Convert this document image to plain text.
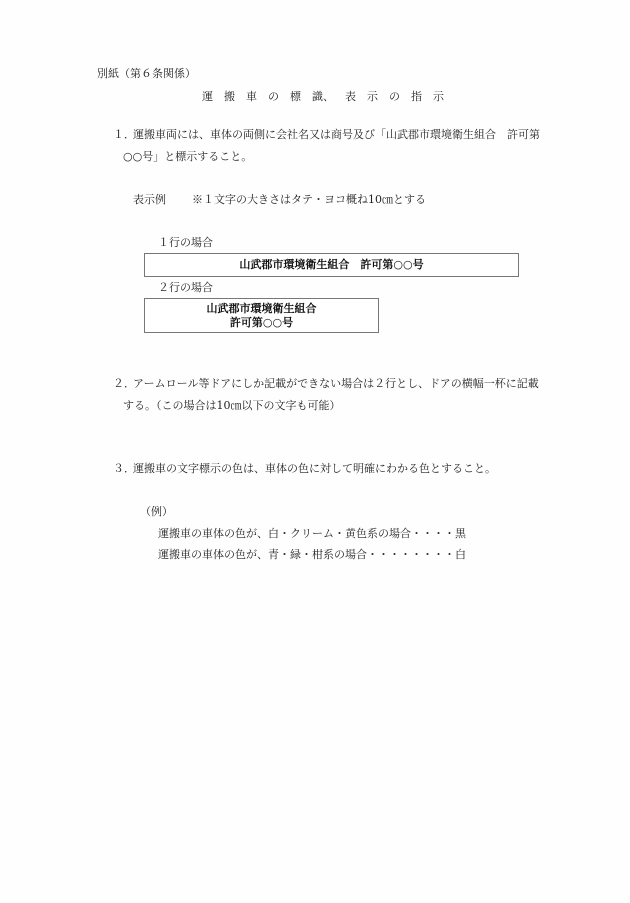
別紙（第６条関係）
運 搬 車 の 標 識、 表 示 の 指 示
１．
運搬車両には、車体の両側に会社名又は商号及び「山武郡市環境衛生組合　許可第
○○号」と標示すること。
表示例 ※１文字の大きさはタテ・ヨコ概ね10㎝とする
１行の場合
山武郡市環境衛生組合　許可第○○号
２行の場合
山武郡市環境衛生組合
許可第○○号
２．
アームロール等ドアにしか記載ができない場合は２行とし、ドアの横幅一杯に記載
する。（この場合は10㎝以下の文字も可能）
３．
運搬車の文字標示の色は、車体の色に対して明確にわかる色とすること。
（例）
運搬車の車体の色が、白・クリーム・黄色系の場合・・・・黒
運搬車の車体の色が、青・緑・柑系の場合・・・・・・・・白
